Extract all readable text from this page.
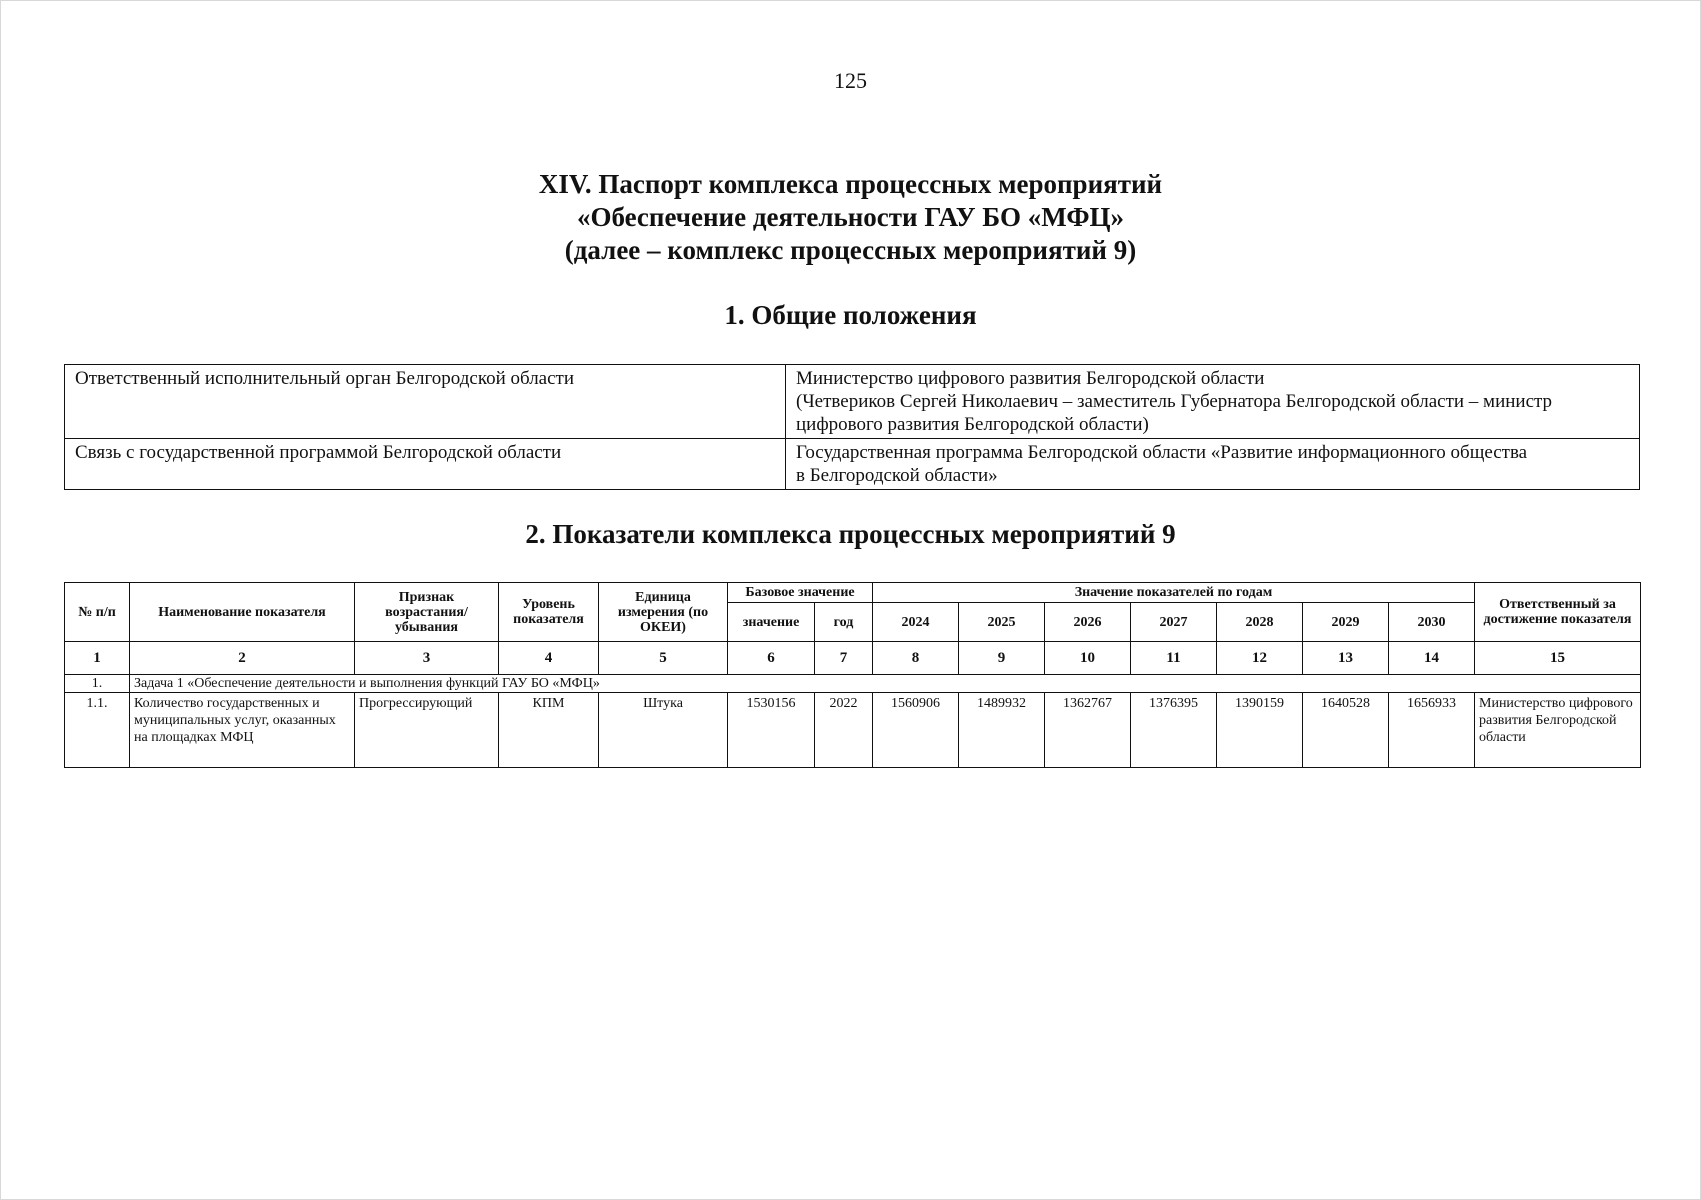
125
XIV. Паспорт комплекса процессных мероприятий
«Обеспечение деятельности ГАУ БО «МФЦ»
(далее – комплекс процессных мероприятий 9)
1. Общие положения
Ответственный исполнительный орган Белгородской области	Министерство цифрового развития Белгородской области
(Четвериков Сергей Николаевич – заместитель Губернатора Белгородской области – министр цифрового развития Белгородской области)

Связь с государственной программой Белгородской области	Государственная программа Белгородской области «Развитие информационного общества
в Белгородской области»
2. Показатели комплекса процессных мероприятий 9
№ п/п	Наименование показателя	Признак возрастания/ убывания	Уровень показателя	Единица измерения (по ОКЕИ)	Базовое значение		Значение показателей по годам							Ответственный за достижение показателя
					значение	год	2024	2025	2026	2027	2028	2029	2030	
1	2	3	4	5	6	7	8	9	10	11	12	13	14	15
1.	Задача 1 «Обеспечение деятельности и выполнения функций ГАУ БО «МФЦ»													
1.1.	Количество государственных и муниципальных услуг, оказанных на площадках МФЦ	Прогрессирующий	КПМ	Штука	1530156	2022	1560906	1489932	1362767	1376395	1390159	1640528	1656933	Министерство цифрового развития Белгородской области
